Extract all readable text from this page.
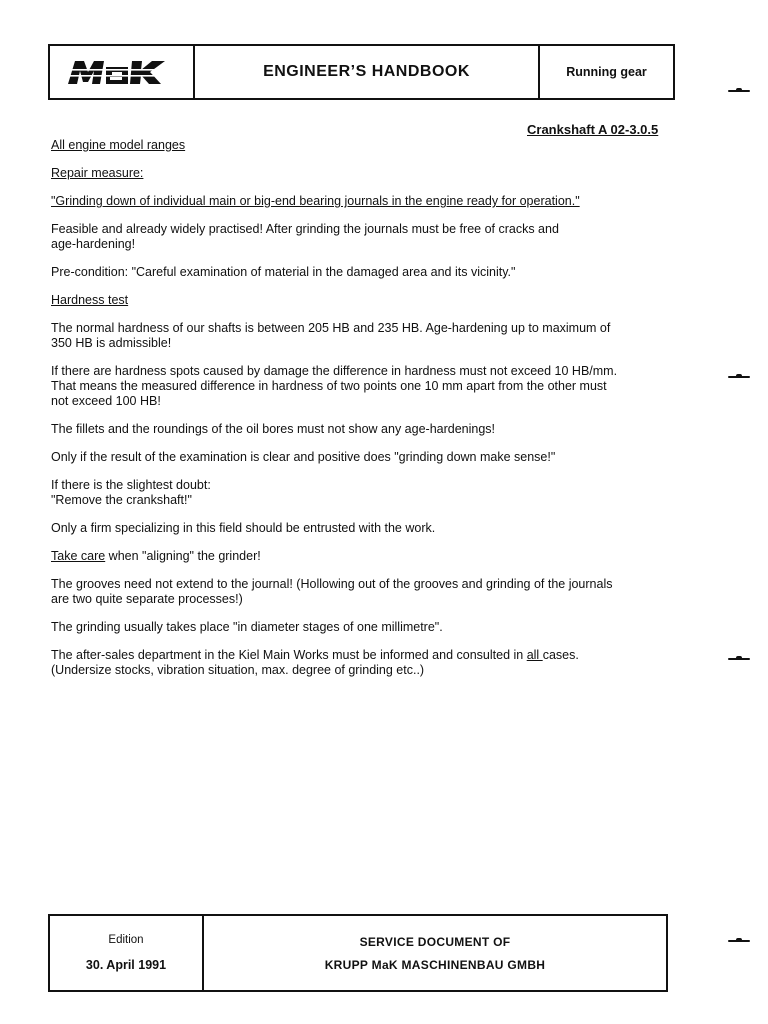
ENGINEER’S HANDBOOK	Running gear
Crankshaft A 02-3.0.5

All engine model ranges

Repair measure:

"Grinding down of individual main or big-end bearing journals in the engine ready for operation."

Feasible and already widely practised! After grinding the journals must be free of cracks and
age-hardening!

Pre-condition: "Careful examination of material in the damaged area and its vicinity."

Hardness test

The normal hardness of our shafts is between 205 HB and 235 HB. Age-hardening up to maximum of
350 HB is admissible!

If there are hardness spots caused by damage the difference in hardness must not exceed 10 HB/mm.
That means the measured difference in hardness of two points one 10 mm apart from the other must
not exceed 100 HB!

The fillets and the roundings of the oil bores must not show any age-hardenings!

Only if the result of the examination is clear and positive does "grinding down make sense!"

If there is the slightest doubt:
"Remove the crankshaft!"

Only a firm specializing in this field should be entrusted with the work.

Take care when "aligning" the grinder!

The grooves need not extend to the journal! (Hollowing out of the grooves and grinding of the journals
are two quite separate processes!)

The grinding usually takes place "in diameter stages of one millimetre".

The after-sales department in the Kiel Main Works must be informed and consulted in all cases.
(Undersize stocks, vibration situation, max. degree of grinding etc..)

Edition
30. April 1991
SERVICE DOCUMENT OF
KRUPP MaK MASCHINENBAU GMBH
